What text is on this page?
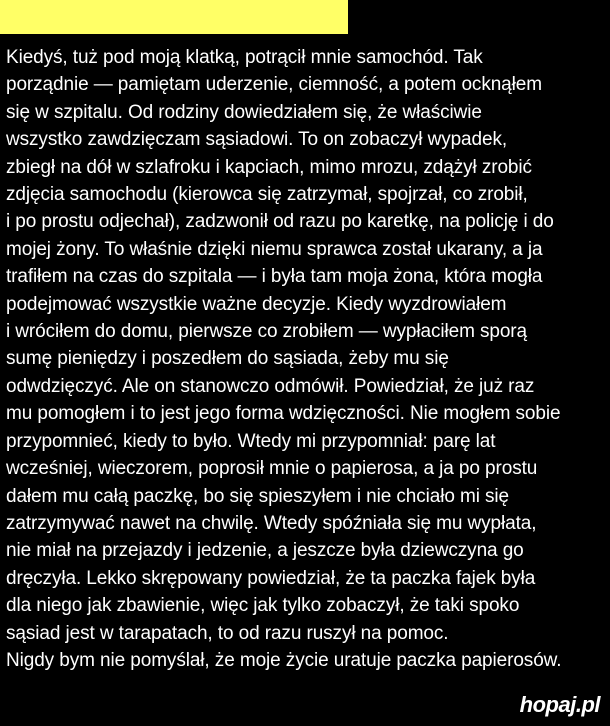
Kiedyś, tuż pod moją klatką, potrącił mnie samochód. Tak
porządnie — pamiętam uderzenie, ciemność, a potem ocknąłem
się w szpitalu. Od rodziny dowiedziałem się, że właściwie
wszystko zawdzięczam sąsiadowi. To on zobaczył wypadek,
zbiegł na dół w szlafroku i kapciach, mimo mrozu, zdążył zrobić
zdjęcia samochodu (kierowca się zatrzymał, spojrzał, co zrobił,
i po prostu odjechał), zadzwonił od razu po karetkę, na policję i do
mojej żony. To właśnie dzięki niemu sprawca został ukarany, a ja
trafiłem na czas do szpitala — i była tam moja żona, która mogła
podejmować wszystkie ważne decyzje. Kiedy wyzdrowiałem
i wróciłem do domu, pierwsze co zrobiłem — wypłaciłem sporą
sumę pieniędzy i poszedłem do sąsiada, żeby mu się
odwdzięczyć. Ale on stanowczo odmówił. Powiedział, że już raz
mu pomogłem i to jest jego forma wdzięczności. Nie mogłem sobie
przypomnieć, kiedy to było. Wtedy mi przypomniał: parę lat
wcześniej, wieczorem, poprosił mnie o papierosa, a ja po prostu
dałem mu całą paczkę, bo się spieszyłem i nie chciało mi się
zatrzymywać nawet na chwilę. Wtedy spóźniała się mu wypłata,
nie miał na przejazdy i jedzenie, a jeszcze była dziewczyna go
dręczyła. Lekko skrępowany powiedział, że ta paczka fajek była
dla niego jak zbawienie, więc jak tylko zobaczył, że taki spoko
sąsiad jest w tarapatach, to od razu ruszył na pomoc.
Nigdy bym nie pomyślał, że moje życie uratuje paczka papierosów.
hopaj.pl
